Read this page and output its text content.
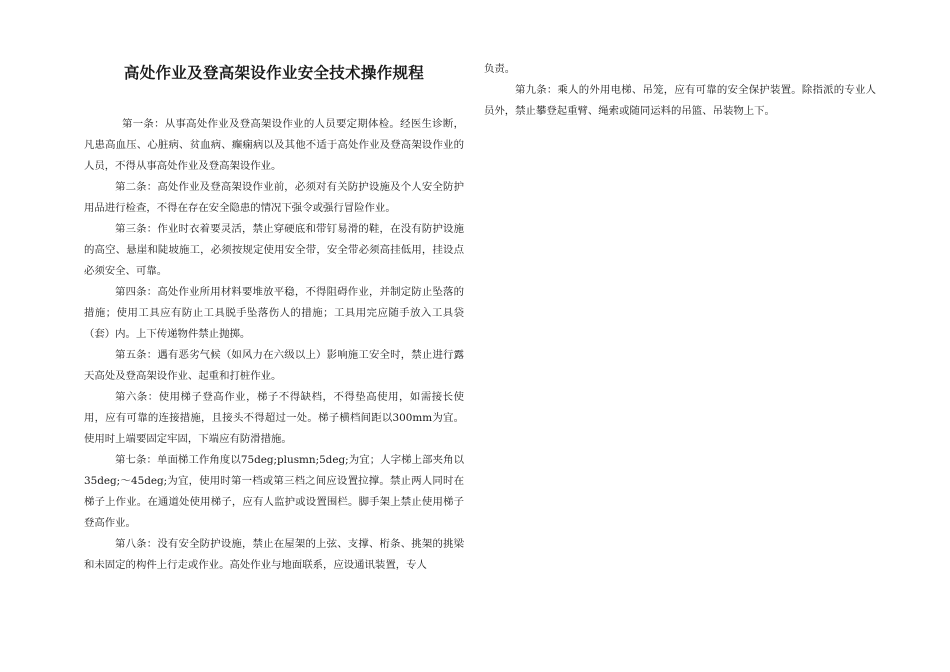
高处作业及登高架设作业安全技术操作规程

第一条：从事高处作业及登高架设作业的人员要定期体检。经医生诊断，凡患高血压、心脏病、贫血病、癫痫病以及其他不适于高处作业及登高架设作业的人员，不得从事高处作业及登高架设作业。

第二条：高处作业及登高架设作业前，必须对有关防护设施及个人安全防护用品进行检查，不得在存在安全隐患的情况下强令或强行冒险作业。

第三条：作业时衣着要灵活，禁止穿硬底和带钉易滑的鞋，在没有防护设施的高空、悬崖和陡坡施工，必须按规定使用安全带，安全带必须高挂低用，挂设点必须安全、可靠。

第四条：高处作业所用材料要堆放平稳，不得阻碍作业，并制定防止坠落的措施；使用工具应有防止工具脱手坠落伤人的措施；工具用完应随手放入工具袋（套）内。上下传递物件禁止抛掷。

第五条：遇有恶劣气候（如风力在六级以上）影响施工安全时，禁止进行露天高处及登高架设作业、起重和打桩作业。

第六条：使用梯子登高作业，梯子不得缺档，不得垫高使用，如需接长使用，应有可靠的连接措施，且接头不得超过一处。梯子横档间距以300mm为宜。使用时上端要固定牢固，下端应有防滑措施。

第七条：单面梯工作角度以75deg;plusmn;5deg;为宜；人字梯上部夹角以35deg;～45deg;为宜，使用时第一档或第三档之间应设置拉撑。禁止两人同时在梯子上作业。在通道处使用梯子，应有人监护或设置围栏。脚手架上禁止使用梯子登高作业。

第八条：没有安全防护设施，禁止在屋架的上弦、支撑、桁条、挑架的挑梁和未固定的构件上行走或作业。高处作业与地面联系，应设通讯装置，专人

负责。

第九条：乘人的外用电梯、吊笼，应有可靠的安全保护装置。除指派的专业人员外，禁止攀登起重臂、绳索或随同运料的吊篮、吊装物上下。
